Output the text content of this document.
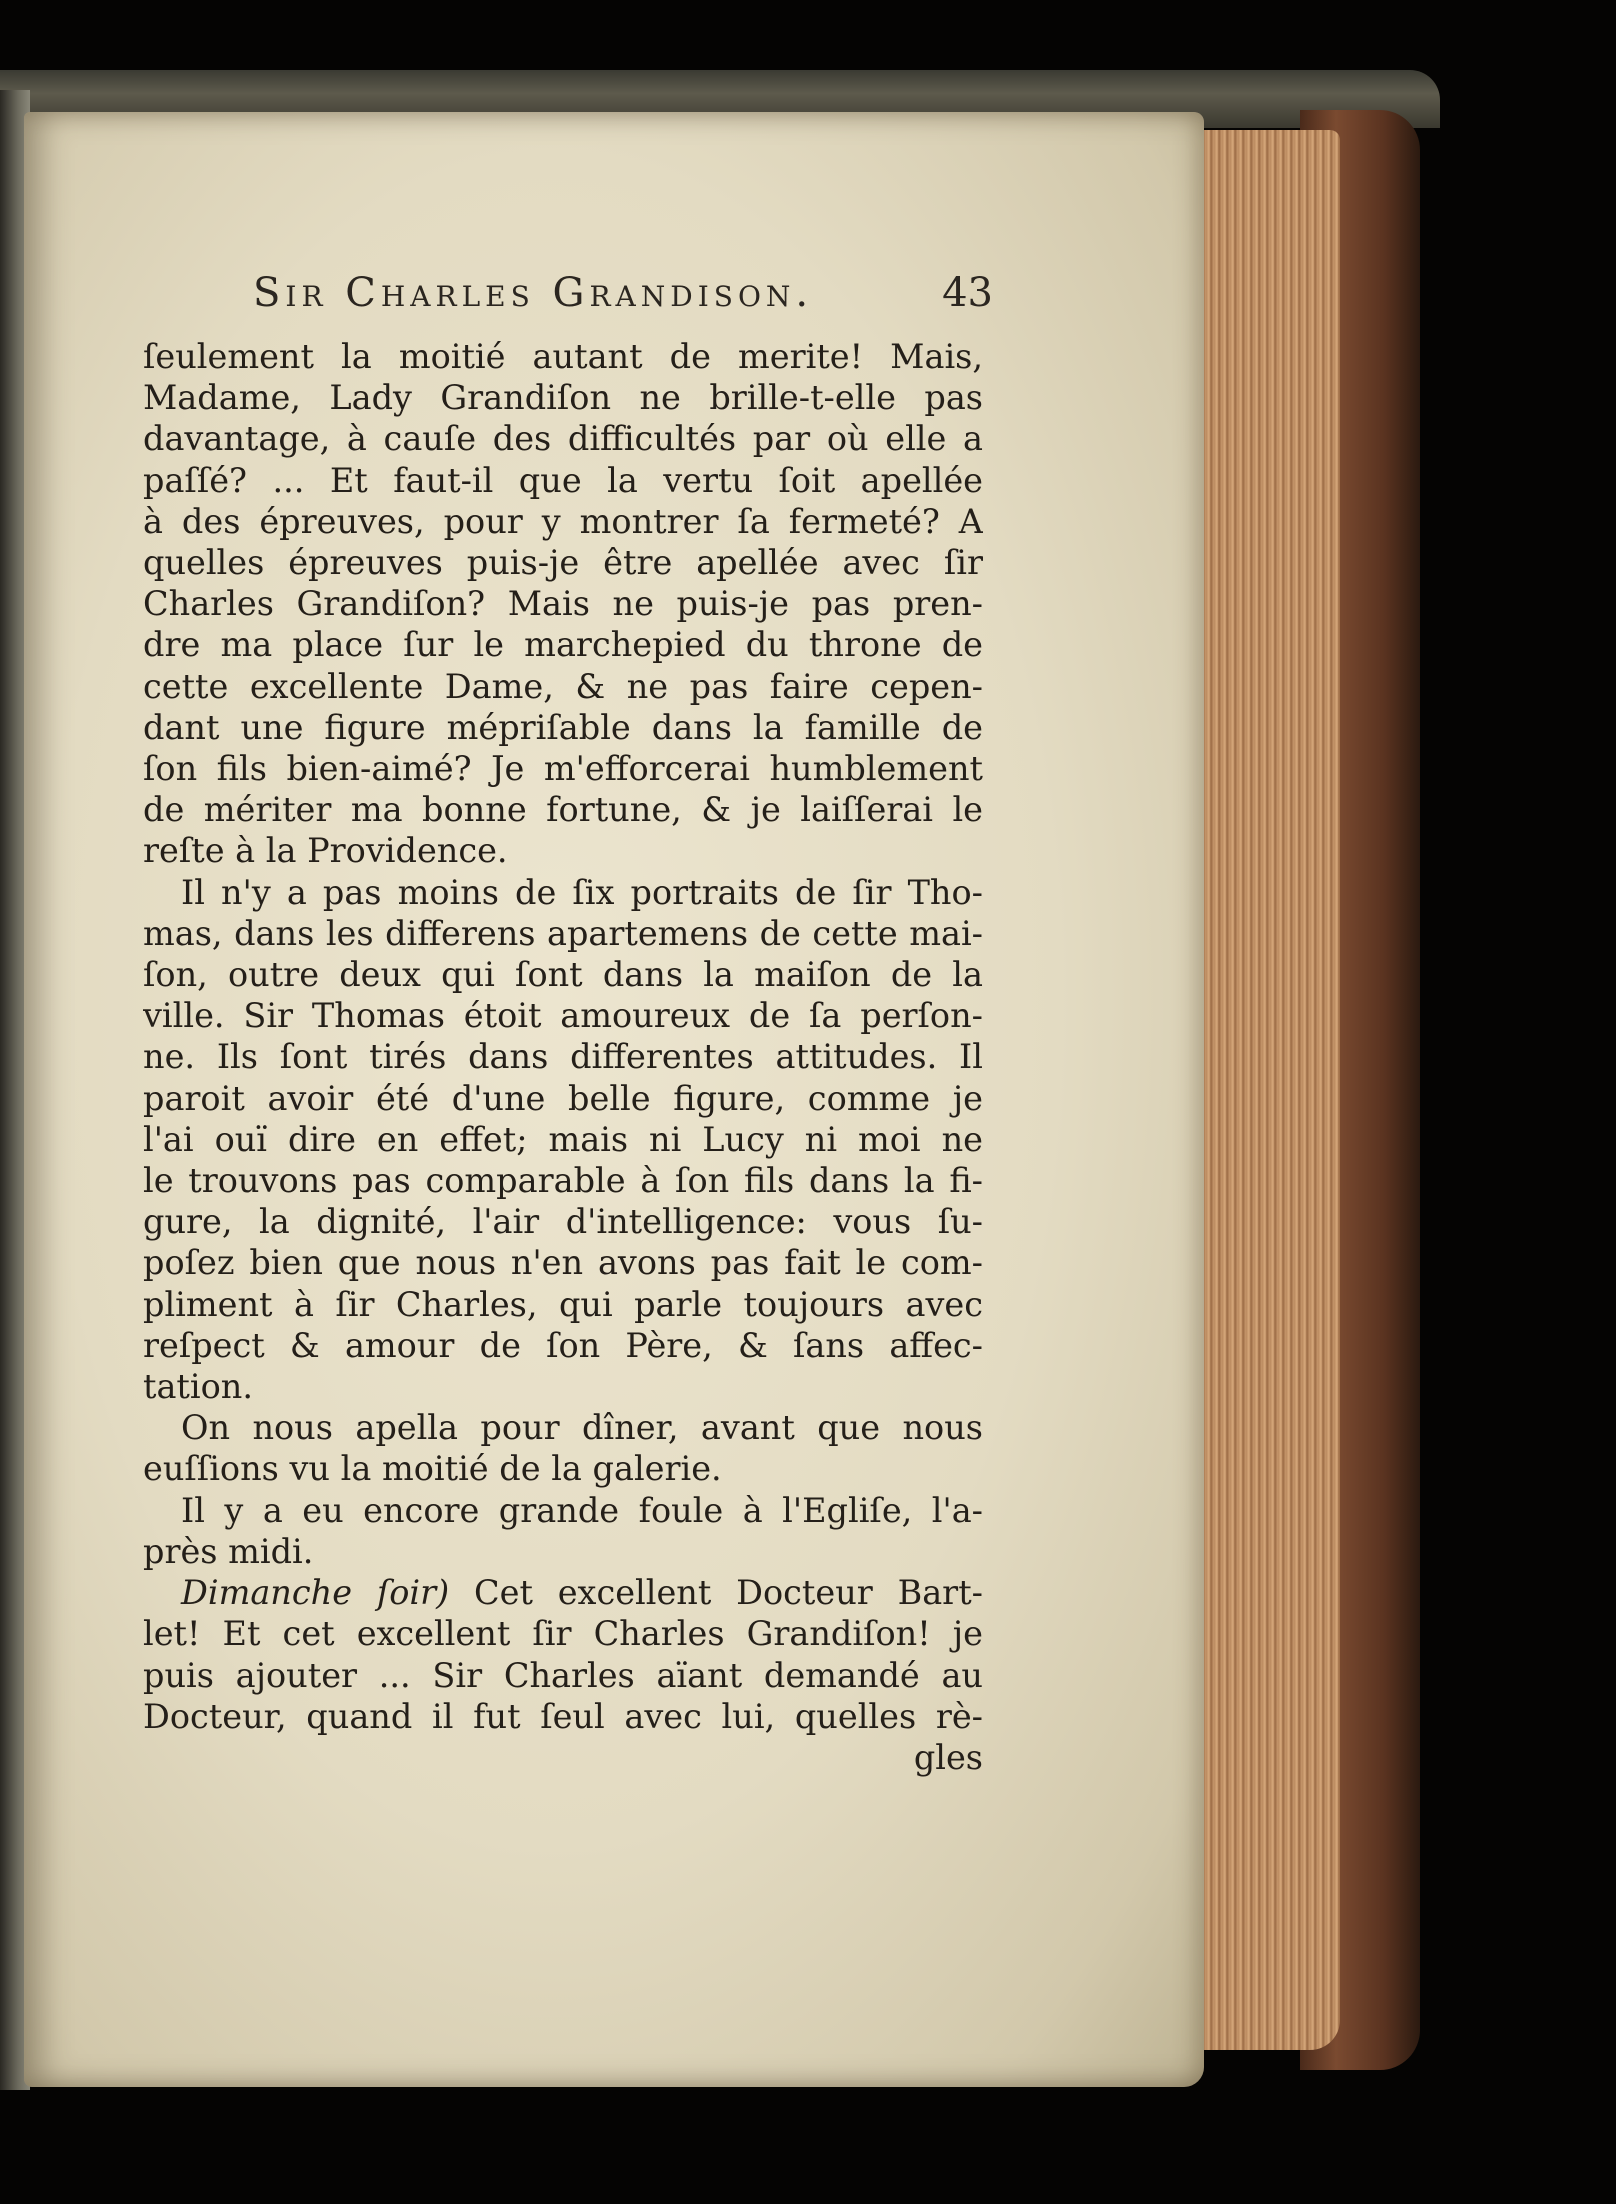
Sir Charles Grandison.	43
ſeulement la moitié autant de merite! Mais,
Madame, Lady Grandiſon ne brille-t-elle pas
davantage, à cauſe des difficultés par où elle a
paſſé? ... Et faut-il que la vertu ſoit apellée
à des épreuves, pour y montrer ſa fermeté? A
quelles épreuves puis-je être apellée avec ſir
Charles Grandiſon? Mais ne puis-je pas pren-
dre ma place ſur le marchepied du throne de
cette excellente Dame, & ne pas faire cepen-
dant une figure mépriſable dans la famille de
ſon fils bien-aimé? Je m'efforcerai humblement
de mériter ma bonne fortune, & je laiſſerai le
reſte à la Providence.
Il n'y a pas moins de ſix portraits de ſir Tho-
mas, dans les differens apartemens de cette mai-
ſon, outre deux qui ſont dans la maiſon de la
ville. Sir Thomas étoit amoureux de ſa perſon-
ne. Ils ſont tirés dans differentes attitudes. Il
paroit avoir été d'une belle figure, comme je
l'ai ouï dire en effet; mais ni Lucy ni moi ne
le trouvons pas comparable à ſon fils dans la fi-
gure, la dignité, l'air d'intelligence: vous ſu-
poſez bien que nous n'en avons pas fait le com-
pliment à ſir Charles, qui parle toujours avec
reſpect & amour de ſon Père, & ſans affec-
tation.
On nous apella pour dîner, avant que nous
euſſions vu la moitié de la galerie.
Il y a eu encore grande foule à l'Egliſe, l'a-
près midi.
Dimanche ſoir) Cet excellent Docteur Bart-
let! Et cet excellent ſir Charles Grandiſon! je
puis ajouter ... Sir Charles aïant demandé au
Docteur, quand il fut ſeul avec lui, quelles rè-
gles
